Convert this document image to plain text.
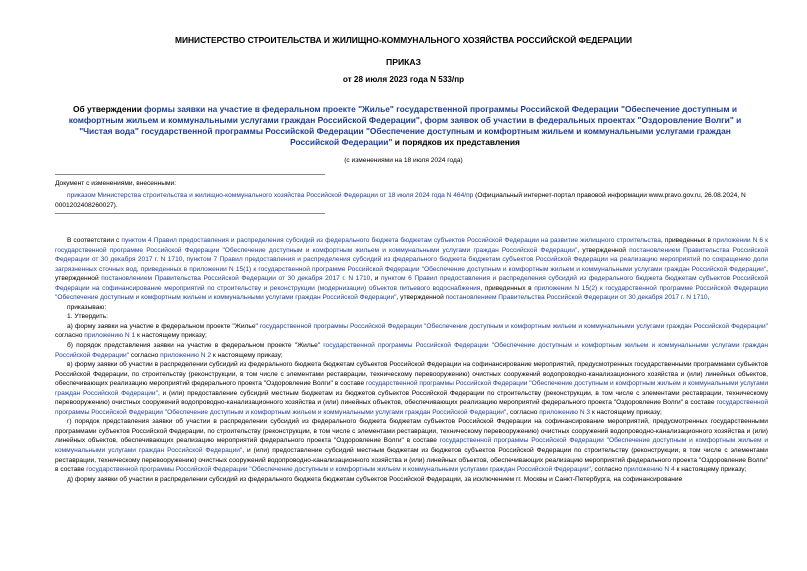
МИНИСТЕРСТВО СТРОИТЕЛЬСТВА И ЖИЛИЩНО-КОММУНАЛЬНОГО ХОЗЯЙСТВА РОССИЙСКОЙ ФЕДЕРАЦИИ
ПРИКАЗ
от 28 июля 2023 года N 533/пр
Об утверждении формы заявки на участие в федеральном проекте "Жилье" государственной программы Российской Федерации "Обеспечение доступным и комфортным жильем и коммунальными услугами граждан Российской Федерации", форм заявок об участии в федеральных проектах "Оздоровление Волги" и "Чистая вода" государственной программы Российской Федерации "Обеспечение доступным и комфортным жильем и коммунальными услугами граждан Российской Федерации" и порядков их представления
(с изменениями на 18 июля 2024 года)
Документ с изменениями, внесенными:
приказом Министерства строительства и жилищно-коммунального хозяйства Российской Федерации от 18 июля 2024 года N 464/пр (Официальный интернет-портал правовой информации www.pravo.gov.ru, 26.08.2024, N 0001202408260027).

В соответствии с пунктом 4 Правил предоставления и распределения субсидий из федерального бюджета бюджетам субъектов Российской Федерации на развитие жилищного строительства, приведенных в приложении N 6 к государственной программе Российской Федерации "Обеспечение доступным и комфортным жильем и коммунальными услугами граждан Российской Федерации", утвержденной постановлением Правительства Российской Федерации от 30 декабря 2017 г. N 1710, пунктом 7 Правил предоставления и распределения субсидий из федерального бюджета бюджетам субъектов Российской Федерации на реализацию мероприятий по сокращению доли загрязненных сточных вод, приведенных в приложении N 15(1) к государственной программе Российской Федерации "Обеспечение доступным и комфортным жильем и коммунальными услугами граждан Российской Федерации", утвержденной постановлением Правительства Российской Федерации от 30 декабря 2017 г. N 1710, и пунктом 6 Правил предоставления и распределения субсидий из федерального бюджета бюджетам субъектов Российской Федерации на софинансирование мероприятий по строительству и реконструкции (модернизации) объектов питьевого водоснабжения, приведенных в приложении N 15(2) к государственной программе Российской Федерации "Обеспечение доступным и комфортным жильем и коммунальными услугами граждан Российской Федерации", утвержденной постановлением Правительства Российской Федерации от 30 декабря 2017 г. N 1710,

приказываю:

1. Утвердить:

а) форму заявки на участие в федеральном проекте "Жилье" государственной программы Российской Федерации "Обеспечение доступным и комфортным жильем и коммунальными услугами граждан Российской Федерации" согласно приложению N 1 к настоящему приказу;

б) порядок представления заявки на участие в федеральном проекте "Жилье" государственной программы Российской Федерации "Обеспечение доступным и комфортным жильем и коммунальными услугами граждан Российской Федерации" согласно приложению N 2 к настоящему приказу;

в) форму заявки об участии в распределении субсидий из федерального бюджета бюджетам субъектов Российской Федерации на софинансирование мероприятий, предусмотренных государственными программами субъектов Российской Федерации, по строительству (реконструкции, в том числе с элементами реставрации, техническому перевооружению) очистных сооружений водопроводно-канализационного хозяйства и (или) линейных объектов, обеспечивающих реализацию мероприятий федерального проекта "Оздоровление Волги" в составе государственной программы Российской Федерации "Обеспечение доступным и комфортным жильем и коммунальными услугами граждан Российской Федерации", и (или) предоставление субсидий местным бюджетам из бюджетов субъектов Российской Федерации по строительству (реконструкции, в том числе с элементами реставрации, техническому перевооружению) очистных сооружений водопроводно-канализационного хозяйства и (или) линейных объектов, обеспечивающих реализацию мероприятий федерального проекта "Оздоровление Волги" в составе государственной программы Российской Федерации "Обеспечение доступным и комфортным жильем и коммунальными услугами граждан Российской Федерации", согласно приложению N 3 к настоящему приказу;

г) порядок представления заявки об участии в распределении субсидий из федерального бюджета бюджетам субъектов Российской Федерации на софинансирование мероприятий, предусмотренных государственными программами субъектов Российской Федерации, по строительству (реконструкции, в том числе с элементами реставрации, техническому перевооружению) очистных сооружений водопроводно-канализационного хозяйства и (или) линейных объектов, обеспечивающих реализацию мероприятий федерального проекта "Оздоровление Волги" в составе государственной программы Российской Федерации "Обеспечение доступным и комфортным жильем и коммунальными услугами граждан Российской Федерации", и (или) предоставление субсидий местным бюджетам из бюджетов субъектов Российской Федерации по строительству (реконструкции, в том числе с элементами реставрации, техническому перевооружению) очистных сооружений водопроводно-канализационного хозяйства и (или) линейных объектов, обеспечивающих реализацию мероприятий федерального проекта "Оздоровление Волги" в составе государственной программы Российской Федерации "Обеспечение доступным и комфортным жильем и коммунальными услугами граждан Российской Федерации", согласно приложению N 4 к настоящему приказу;

д) форму заявки об участии в распределении субсидий из федерального бюджета бюджетам субъектов Российской Федерации, за исключением гг. Москвы и Санкт-Петербурга, на софинансирование
